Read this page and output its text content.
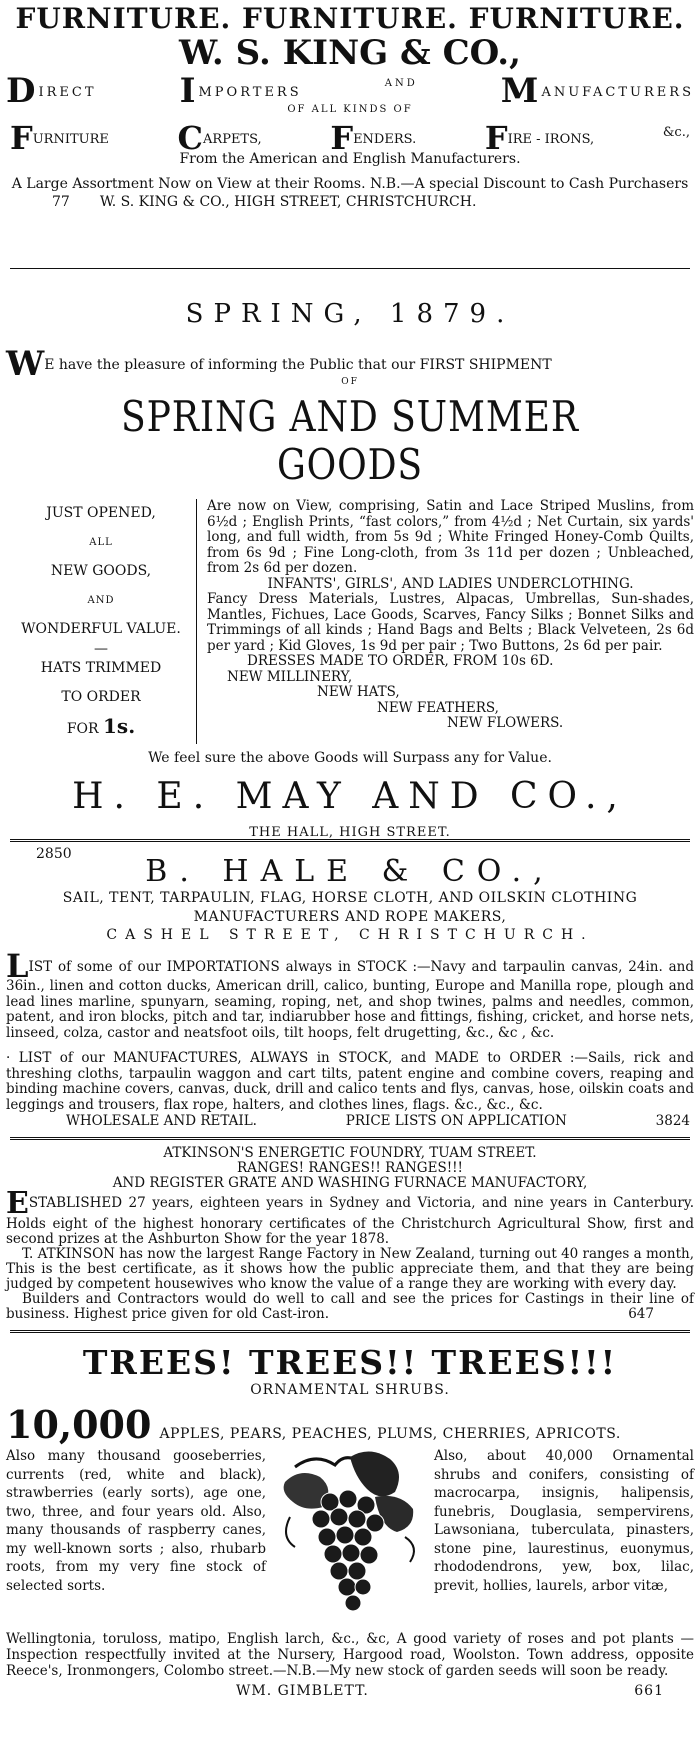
FURNITURE. FURNITURE. FURNITURE.
W. S. KING & CO.,
DIRECT IMPORTERS
AND MANUFACTURERS
OF ALL KINDS OF
FURNITURE CARPETS, FENDERS. FIRE - IRONS,	&c.,
From the American and English Manufacturers.
A Large Assortment Now on View at their Rooms. N.B.—A special Discount to Cash Purchasers
77 W. S. KING & CO., HIGH STREET, CHRISTCHURCH.
SPRING, 1879.
WE have the pleasure of informing the Public that our FIRST SHIPMENT
OF
SPRING AND SUMMER GOODS
JUST OPENED,
ALL
NEW GOODS,
AND
WONDERFUL VALUE.
—
HATS TRIMMED
TO ORDER
FOR 1s.
Are now on View, comprising, Satin and Lace Striped Muslins, from 6½d ; English Prints, “fast colors,” from 4½d ; Net Curtain, six yards' long, and full width, from 5s 9d ; White Fringed Honey-Comb Quilts, from 6s 9d ; Fine Long-cloth, from 3s 11d per dozen ; Unbleached, from 2s 6d per dozen.
INFANTS', GIRLS', AND LADIES UNDERCLOTHING.
Fancy Dress Materials, Lustres, Alpacas, Umbrellas, Sun-shades, Mantles, Fichues, Lace Goods, Scarves, Fancy Silks ; Bonnet Silks and Trimmings of all kinds ; Hand Bags and Belts ; Black Velveteen, 2s 6d per yard ; Kid Gloves, 1s 9d per pair ; Two Buttons, 2s 6d per pair.
DRESSES MADE TO ORDER, FROM 10s 6D.
NEW MILLINERY,
NEW HATS,
NEW FEATHERS,
NEW FLOWERS.
We feel sure the above Goods will Surpass any for Value.
H. E. MAY AND CO.,
THE HALL, HIGH STREET.
2850	B. HALE & CO.,
SAIL, TENT, TARPAULIN, FLAG, HORSE CLOTH, AND OILSKIN CLOTHING
MANUFACTURERS AND ROPE MAKERS,
CASHEL STREET, CHRISTCHURCH.
LIST of some of our IMPORTATIONS always in STOCK :—Navy and tarpaulin canvas, 24in. and 36in., linen and cotton ducks, American drill, calico, bunting, Europe and Manilla rope, plough and lead lines marline, spunyarn, seaming, roping, net, and shop twines, palms and needles, common, patent, and iron blocks, pitch and tar, indiarubber hose and fittings, fishing, cricket, and horse nets, linseed, colza, castor and neatsfoot oils, tilt hoops, felt drugetting, &c., &c , &c.
· LIST of our MANUFACTURES, ALWAYS in STOCK, and MADE to ORDER :—Sails, rick and threshing cloths, tarpaulin waggon and cart tilts, patent engine and combine covers, reaping and binding machine covers, canvas, duck, drill and calico tents and flys, canvas, hose, oilskin coats and leggings and trousers, flax rope, halters, and clothes lines, flags. &c., &c., &c.
WHOLESALE AND RETAIL.	PRICE LISTS ON APPLICATION	3824
ATKINSON'S ENERGETIC FOUNDRY, TUAM STREET.
RANGES! RANGES!! RANGES!!!
AND REGISTER GRATE AND WASHING FURNACE MANUFACTORY,
ESTABLISHED 27 years, eighteen years in Sydney and Victoria, and nine years in Canterbury. Holds eight of the highest honorary certificates of the Christchurch Agricultural Show, first and second prizes at the Ashburton Show for the year 1878.
T. ATKINSON has now the largest Range Factory in New Zealand, turning out 40 ranges a month, This is the best certificate, as it shows how the public appreciate them, and that they are being judged by competent housewives who know the value of a range they are working with every day.
Builders and Contractors would do well to call and see the prices for Castings in their line of business. Highest price given for old Cast-iron.	647
TREES! TREES!! TREES!!!
ORNAMENTAL SHRUBS.
10,000 APPLES, PEARS, PEACHES, PLUMS, CHERRIES, APRICOTS.
Also many thousand gooseberries, currents (red, white and black), strawberries (early sorts), age one, two, three, and four years old. Also, many thousands of raspberry canes, my well-known sorts ; also, rhubarb roots, from my very fine stock of selected sorts.
Also, about 40,000 Ornamental shrubs and conifers, consisting of macrocarpa, insignis, halipensis, funebris, Douglasia, sempervirens, Lawsoniana, tuberculata, pinasters, stone pine, laurestinus, euonymus, rhododendrons, yew, box, lilac, previt, hollies, laurels, arbor vitæ,
Wellingtonia, toruloss, matipo, English larch, &c., &c, A good variety of roses and pot plants —Inspection respectfully invited at the Nursery, Hargood road, Woolston. Town address, opposite Reece's, Ironmongers, Colombo street.—N.B.—My new stock of garden seeds will soon be ready.
WM. GIMBLETT.	661
